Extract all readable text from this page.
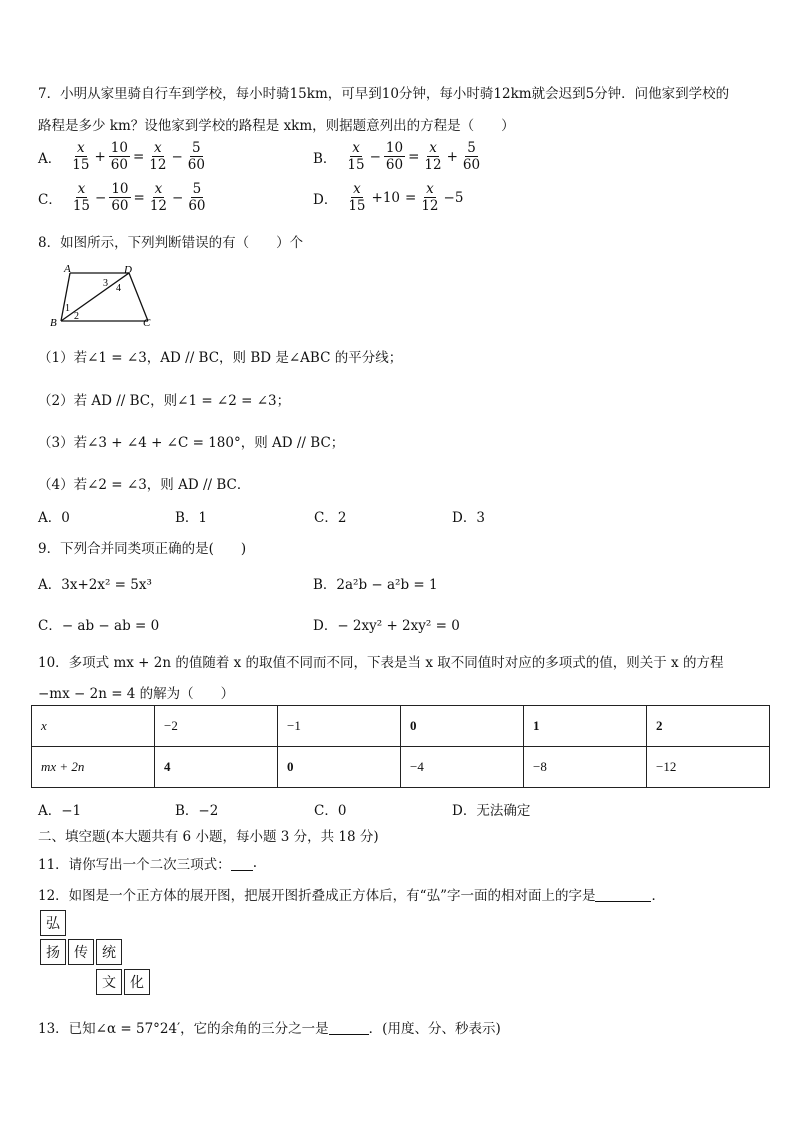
7．小明从家里骑自行车到学校，每小时骑15km，可早到10分钟，每小时骑12km就会迟到5分钟．问他家到学校的
路程是多少 km？设他家到学校的路程是 xkm，则据题意列出的方程是（　　）
A． $\frac{x}{15} + \frac{10}{60} = \frac{x}{12} - \frac{5}{60}$	B． $\frac{x}{15} - \frac{10}{60} = \frac{x}{12} + \frac{5}{60}$
C． $\frac{x}{15} - \frac{10}{60} = \frac{x}{12} - \frac{5}{60}$	D． $\frac{x}{15} +10 = \frac{x}{12} -5$
8．如图所示，下列判断错误的有（　　）个
A	D
B	C
1
2
3 4
（1）若∠1 = ∠3，AD // BC，则 BD 是∠ABC 的平分线；
（2）若 AD // BC，则∠1 = ∠2 = ∠3；
（3）若∠3 + ∠4 + ∠C = 180°，则 AD // BC；
（4）若∠2 = ∠3，则 AD // BC．
A．0	B．1	C．2	D．3
9．下列合并同类项正确的是(　　)
A．3x+2x² = 5x³	B．2a²b − a²b = 1
C．− ab − ab = 0	D．− 2xy² + 2xy² = 0
10．多项式 mx + 2n 的值随着 x 的取值不同而不同，下表是当 x 取不同值时对应的多项式的值，则关于 x 的方程
−mx − 2n = 4 的解为（　　）
x	−2	−1	0	1	2
mx + 2n	4	0	−4	−8	−12
A．−1	B．−2	C．0	D．无法确定
二、填空题(本大题共有 6 小题，每小题 3 分，共 18 分)
11．请你写出一个二次三项式： .
12．如图是一个正方体的展开图，把展开图折叠成正方体后，有“弘”字一面的相对面上的字是	．
弘
扬	传	统
文	化
13．已知∠α = 57°24′，它的余角的三分之一是	．(用度、分、秒表示)
